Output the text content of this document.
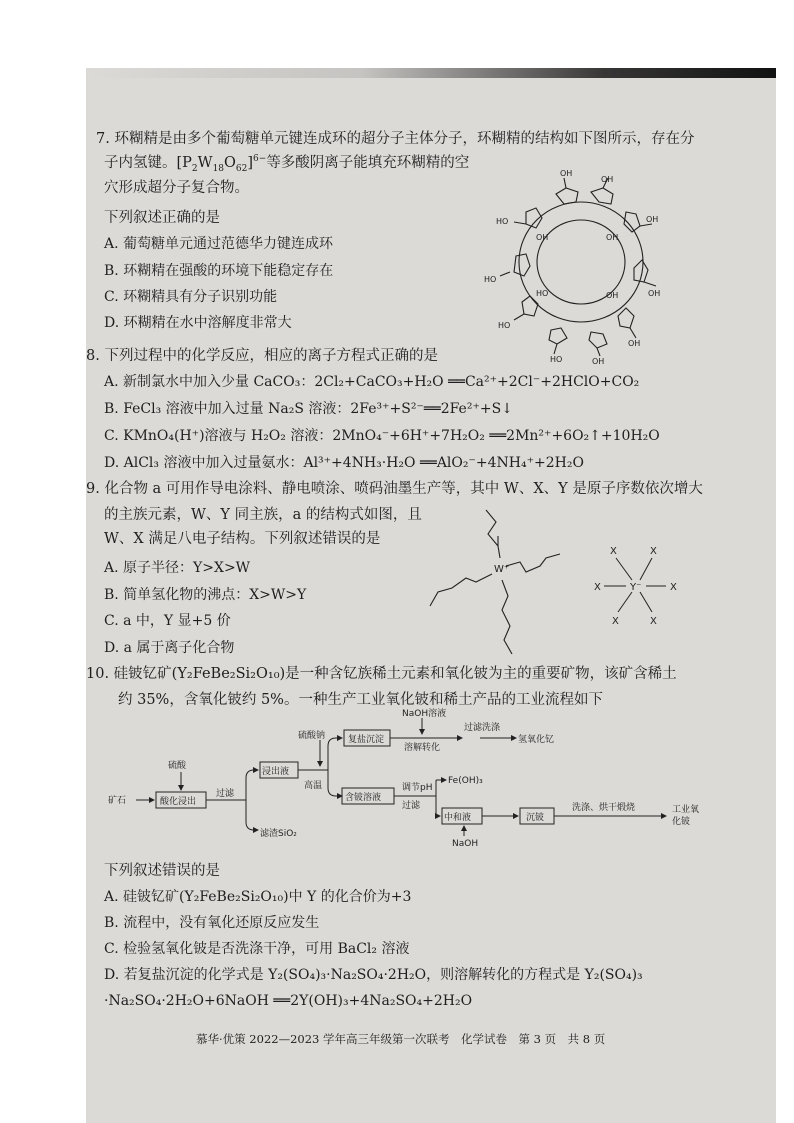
7. 环糊精是由多个葡萄糖单元键连成环的超分子主体分子，环糊精的结构如下图所示，存在分
子内氢键。$[P_2W_{18}O_{62}]^{6-}$等多酸阴离子能填充环糊精的空
穴形成超分子复合物。
下列叙述正确的是
A. 葡萄糖单元通过范德华力键连成环
B. 环糊精在强酸的环境下能稳定存在
C. 环糊精具有分子识别功能
D. 环糊精在水中溶解度非常大
OH
OH
OH
OH
OH
OH
HO
HO
HO
HO
OH	OH
HO	OH
8. 下列过程中的化学反应，相应的离子方程式正确的是
A. 新制氯水中加入少量 CaCO₃：2Cl₂+CaCO₃+H₂O ══Ca²⁺+2Cl⁻+2HClO+CO₂
B. FeCl₃ 溶液中加入过量 Na₂S 溶液：2Fe³⁺+S²⁻══2Fe²⁺+S↓
C. KMnO₄(H⁺)溶液与 H₂O₂ 溶液：2MnO₄⁻+6H⁺+7H₂O₂ ══2Mn²⁺+6O₂↑+10H₂O
D. AlCl₃ 溶液中加入过量氨水：Al³⁺+4NH₃·H₂O ══AlO₂⁻+4NH₄⁺+2H₂O
9. 化合物 a 可用作导电涂料、静电喷涂、喷码油墨生产等，其中 W、X、Y 是原子序数依次增大
的主族元素，W、Y 同主族，a 的结构式如图，且
W、X 满足八电子结构。下列叙述错误的是
A. 原子半径：Y>X>W
B. 简单氢化物的沸点：X>W>Y
C. a 中，Y 显+5 价
D. a 属于离子化合物
W⁺
Y⁻
X	X
X	X
X	X
10. 硅铍钇矿(Y₂FeBe₂Si₂O₁₀)是一种含钇族稀土元素和氧化铍为主的重要矿物，该矿含稀土
约 35%，含氧化铍约 5%。一种生产工业氧化铍和稀土产品的工业流程如下
矿石
硫酸
酸化浸出
过滤
浸出液
硫酸钠
高温
滤渣SiO₂
复盐沉淀
NaOH溶液
溶解转化
过滤洗涤
氢氧化钇
含铍溶液
调节pH
过滤
Fe(OH)₃
中和液
NaOH
沉铍
洗涤、烘干煅烧	工业氧
化铍
下列叙述错误的是
A. 硅铍钇矿(Y₂FeBe₂Si₂O₁₀)中 Y 的化合价为+3
B. 流程中，没有氧化还原反应发生
C. 检验氢氧化铍是否洗涤干净，可用 BaCl₂ 溶液
D. 若复盐沉淀的化学式是 Y₂(SO₄)₃·Na₂SO₄·2H₂O，则溶解转化的方程式是 Y₂(SO₄)₃
·Na₂SO₄·2H₂O+6NaOH ══2Y(OH)₃+4Na₂SO₄+2H₂O
慕华·优策 2022—2023 学年高三年级第一次联考　化学试卷　第 3 页　共 8 页
